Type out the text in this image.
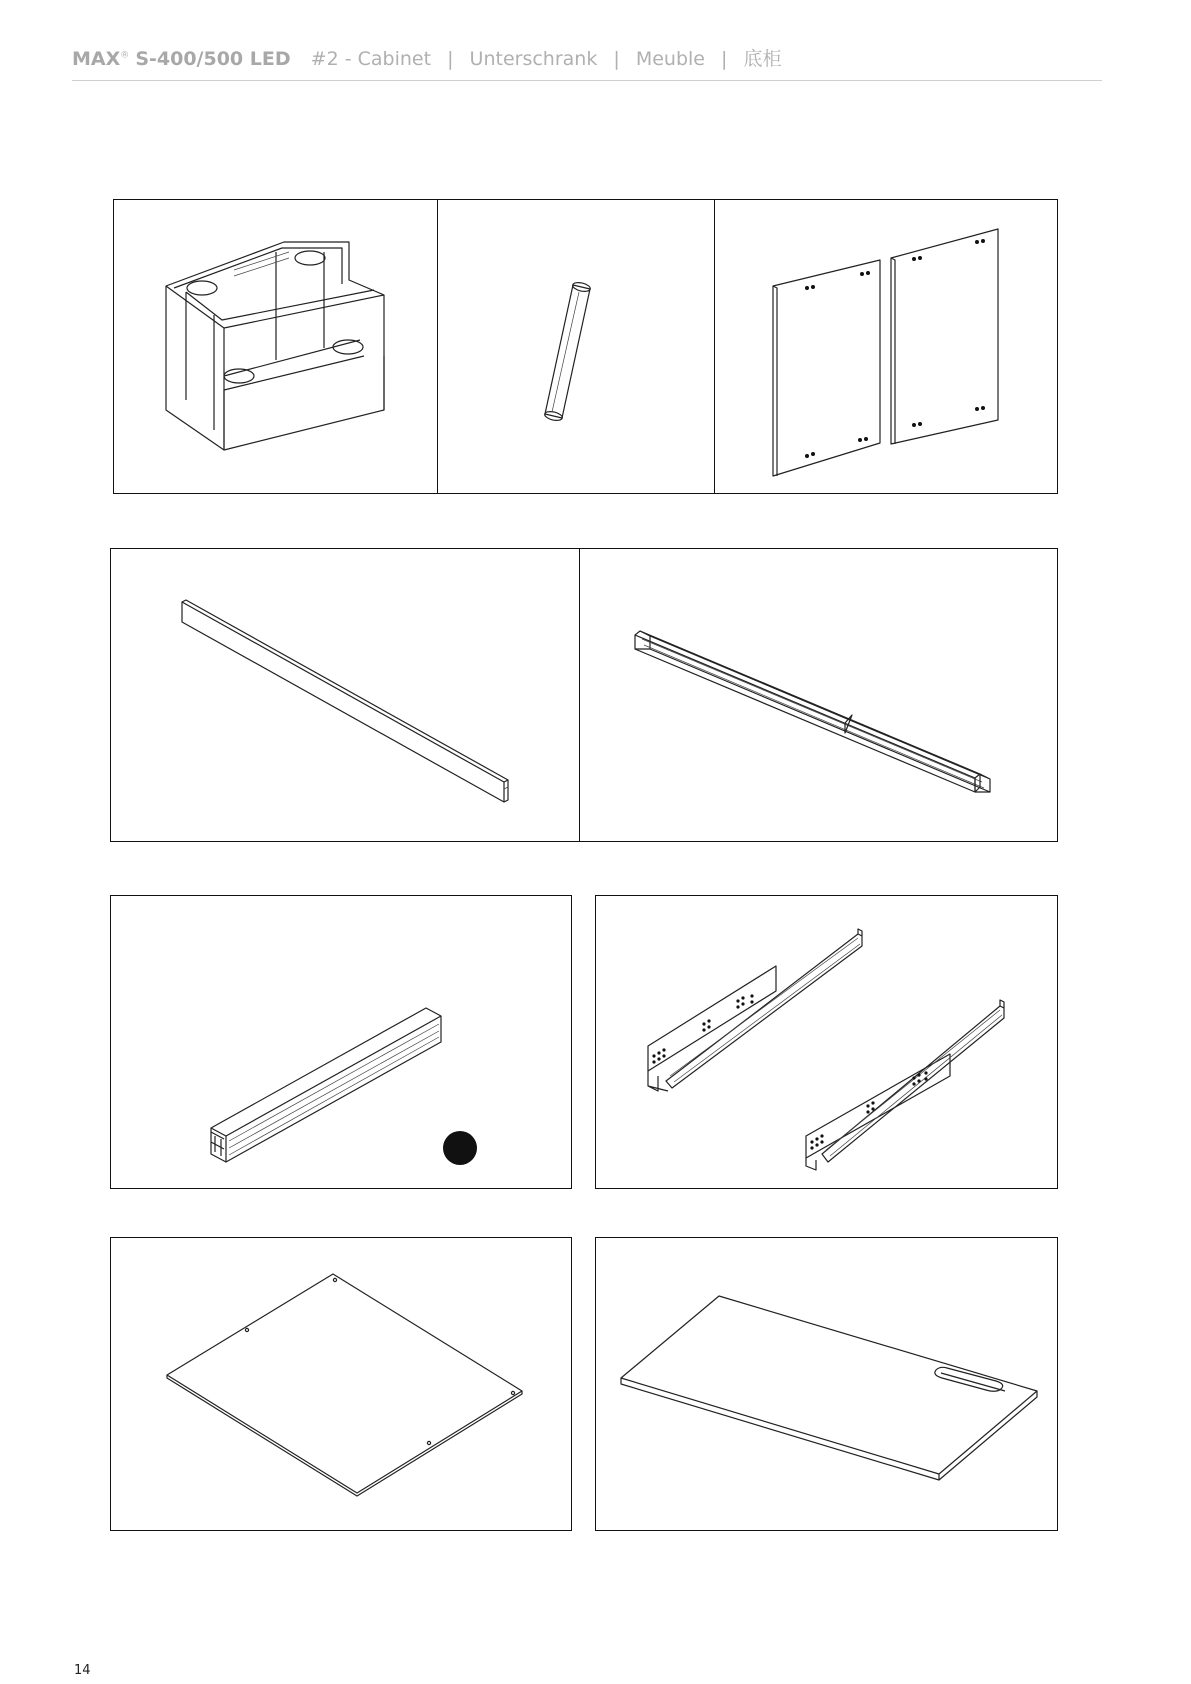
MAX® S-400/500 LED #2 - Cabinet | Unterschrank | Meuble | 底柜
14
